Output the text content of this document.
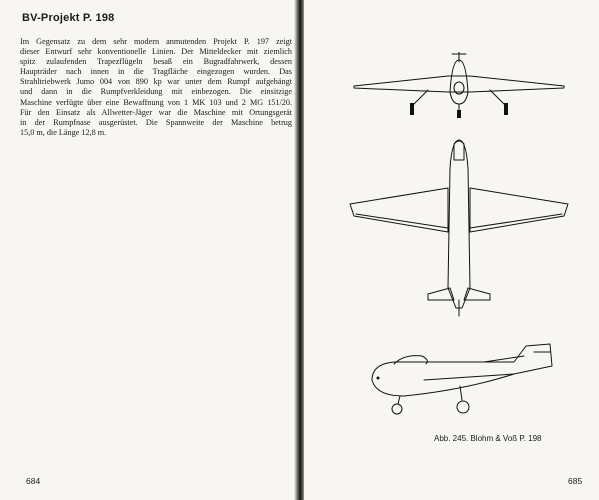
BV-Projekt P. 198
Im Gegensatz zu dem sehr modern anmutenden Projekt P. 197 zeigt
dieser Entwurf sehr konventionelle Linien. Der Mitteldecker mit ziemlich
spitz zulaufenden Trapezflügeln besaß ein Bugradfahrwerk, dessen
Haupträder nach innen in die Tragfläche eingezogen wurden. Das
Strahltriebwerk Jumo 004 von 890 kp war unter dem Rumpf aufgehängt
und dann in die Rumpfverkleidung mit einbezogen. Die einsitzige
Maschine verfügte über eine Bewaffnung von 1 MK 103 und 2 MG 151/20.
Für den Einsatz als Allwetter-Jäger war die Maschine mit Ortungsgerät
in der Rumpfnase ausgerüstet. Die Spannweite der Maschine betrug
15,0 m, die Länge 12,8 m.
684
Abb. 245. Blohm & Voß P. 198
685
